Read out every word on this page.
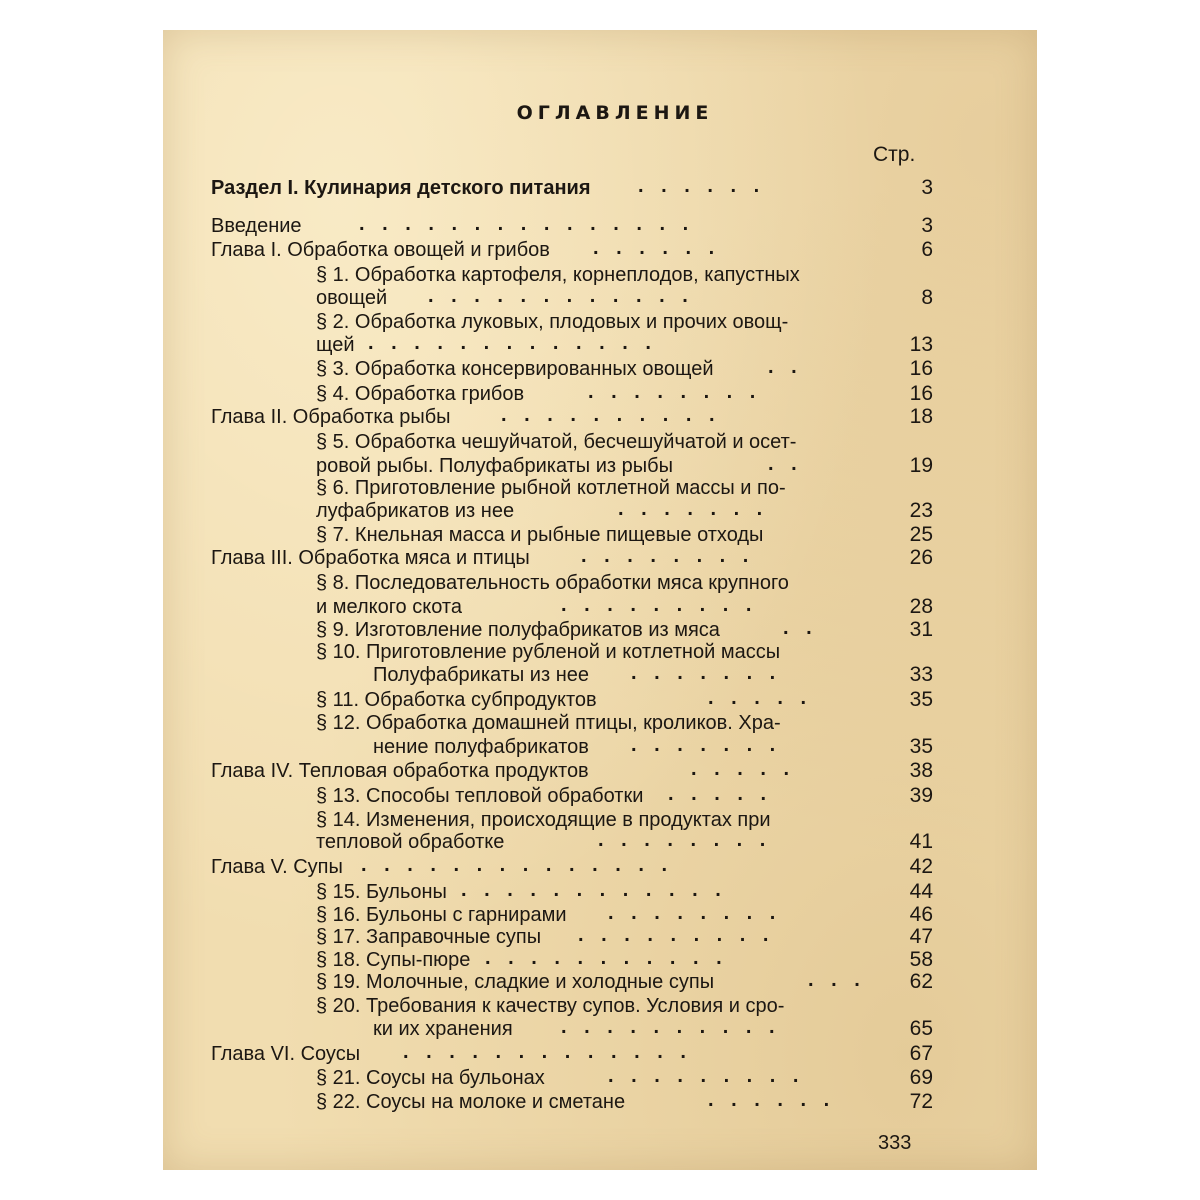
ОГЛАВЛЕНИЕ
Стр.
Раздел I. Кулинария детского питания . . . . . .	3
Введение	. . . . . . . . . . . . . . .	3
Глава I. Обработка овощей и грибов . . . . . .	6
§ 1. Обработка картофеля, корнеплодов, капустных
овощей . . . . . . . . . . . .	8
§ 2. Обработка луковых, плодовых и прочих овощ-
щей . . . . . . . . . . . . .	13
§ 3. Обработка консервированных овощей	. .	16
§ 4. Обработка грибов	. . . . . . . .	16
Глава II. Обработка рыбы	. . . . . . . . . .	18
§ 5. Обработка чешуйчатой, бесчешуйчатой и осет-
ровой рыбы. Полуфабрикаты из рыбы	. .	19
§ 6. Приготовление рыбной котлетной массы и по-
луфабрикатов из нее	. . . . . . .	23
§ 7. Кнельная масса и рыбные пищевые отходы	25
Глава III. Обработка мяса и птицы	. . . . . . . .	26
§ 8. Последовательность обработки мяса крупного
и мелкого скота	. . . . . . . . .	28
§ 9. Изготовление полуфабрикатов из мяса	. .	31
§ 10. Приготовление рубленой и котлетной массы
Полуфабрикаты из нее . . . . . . .	33
§ 11. Обработка субпродуктов	. . . . .	35
§ 12. Обработка домашней птицы, кроликов. Хра-
нение полуфабрикатов . . . . . . .	35
Глава IV. Тепловая обработка продуктов	. . . . .	38
§ 13. Способы тепловой обработки . . . . .	39
§ 14. Изменения, происходящие в продуктах при
тепловой обработке	. . . . . . . .	41
Глава V. Супы . . . . . . . . . . . . . .	42
§ 15. Бульоны . . . . . . . . . . . .	44
§ 16. Бульоны с гарнирами . . . . . . . .	46
§ 17. Заправочные супы . . . . . . . . .	47
§ 18. Супы-пюре . . . . . . . . . . .	58
§ 19. Молочные, сладкие и холодные супы	. . .	62
§ 20. Требования к качеству супов. Условия и сро-
ки их хранения . . . . . . . . . .	65
Глава VI. Соусы . . . . . . . . . . . . .	67
§ 21. Соусы на бульонах	. . . . . . . . .	69
§ 22. Соусы на молоке и сметане	. . . . . .	72
333
